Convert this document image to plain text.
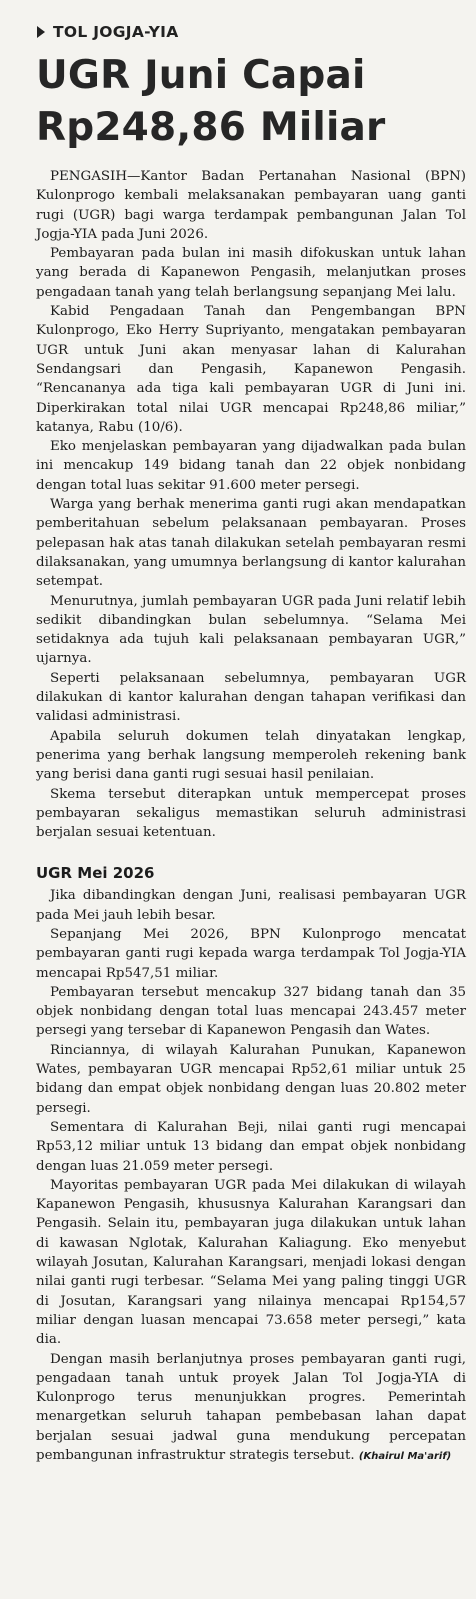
TOL JOGJA-YIA
UGR Juni Capai
Rp248,86 Miliar

PENGASIH—Kantor Badan Pertanahan Nasional (BPN) Kulonprogo kembali melaksanakan pembayaran uang ganti rugi (UGR) bagi warga terdampak pembangunan Jalan Tol Jogja-YIA pada Juni 2026.

Pembayaran pada bulan ini masih difokuskan untuk lahan yang berada di Kapanewon Pengasih, melanjutkan proses pengadaan tanah yang telah berlangsung sepanjang Mei lalu.

Kabid Pengadaan Tanah dan Pengembangan BPN Kulonprogo, Eko Herry Supriyanto, mengatakan pembayaran UGR untuk Juni akan menyasar lahan di Kalurahan Sendangsari dan Pengasih, Kapanewon Pengasih. “Rencananya ada tiga kali pembayaran UGR di Juni ini. Diperkirakan total nilai UGR mencapai Rp248,86 miliar,” katanya, Rabu (10/6).

Eko menjelaskan pembayaran yang dijadwalkan pada bulan ini mencakup 149 bidang tanah dan 22 objek nonbidang dengan total luas sekitar 91.600 meter persegi.

Warga yang berhak menerima ganti rugi akan mendapatkan pemberitahuan sebelum pelaksanaan pembayaran. Proses pelepasan hak atas tanah dilakukan setelah pembayaran resmi dilaksanakan, yang umumnya berlangsung di kantor kalurahan setempat.

Menurutnya, jumlah pembayaran UGR pada Juni relatif lebih sedikit dibandingkan bulan sebelumnya. “Selama Mei setidaknya ada tujuh kali pelaksanaan pembayaran UGR,” ujarnya.

Seperti pelaksanaan sebelumnya, pembayaran UGR dilakukan di kantor kalurahan dengan tahapan verifikasi dan validasi administrasi.

Apabila seluruh dokumen telah dinyatakan lengkap, penerima yang berhak langsung memperoleh rekening bank yang berisi dana ganti rugi sesuai hasil penilaian.

Skema tersebut diterapkan untuk mempercepat proses pembayaran sekaligus memastikan seluruh administrasi berjalan sesuai ketentuan.

UGR Mei 2026

Jika dibandingkan dengan Juni, realisasi pembayaran UGR pada Mei jauh lebih besar.

Sepanjang Mei 2026, BPN Kulonprogo mencatat pembayaran ganti rugi kepada warga terdampak Tol Jogja-YIA mencapai Rp547,51 miliar.

Pembayaran tersebut mencakup 327 bidang tanah dan 35 objek nonbidang dengan total luas mencapai 243.457 meter persegi yang tersebar di Kapanewon Pengasih dan Wates.

Rinciannya, di wilayah Kalurahan Punukan, Kapanewon Wates, pembayaran UGR mencapai Rp52,61 miliar untuk 25 bidang dan empat objek nonbidang dengan luas 20.802 meter persegi.

Sementara di Kalurahan Beji, nilai ganti rugi mencapai Rp53,12 miliar untuk 13 bidang dan empat objek nonbidang dengan luas 21.059 meter persegi.

Mayoritas pembayaran UGR pada Mei dilakukan di wilayah Kapanewon Pengasih, khususnya Kalurahan Karangsari dan Pengasih. Selain itu, pembayaran juga dilakukan untuk lahan di kawasan Nglotak, Kalurahan Kaliagung. Eko menyebut wilayah Josutan, Kalurahan Karangsari, menjadi lokasi dengan nilai ganti rugi terbesar. “Selama Mei yang paling tinggi UGR di Josutan, Karangsari yang nilainya mencapai Rp154,57 miliar dengan luasan mencapai 73.658 meter persegi,” kata dia.

Dengan masih berlanjutnya proses pembayaran ganti rugi, pengadaan tanah untuk proyek Jalan Tol Jogja-YIA di Kulonprogo terus menunjukkan progres. Pemerintah menargetkan seluruh tahapan pembebasan lahan dapat berjalan sesuai jadwal guna mendukung percepatan pembangunan infrastruktur strategis tersebut. (Khairul Ma'arif)
